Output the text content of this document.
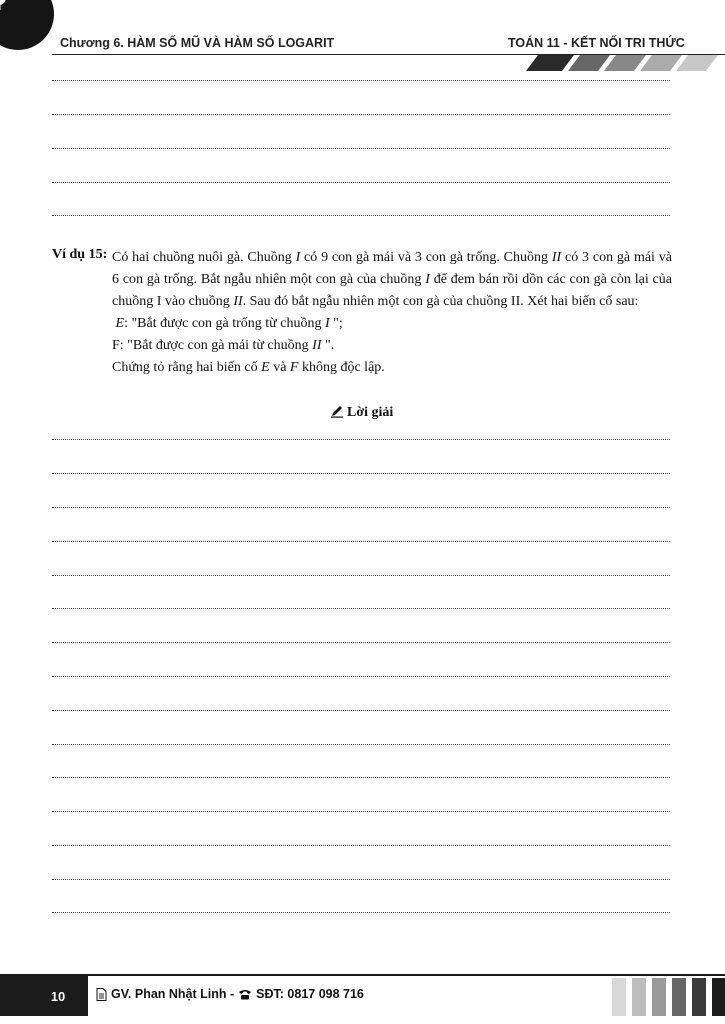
Chương 6. HÀM SỐ MŨ VÀ HÀM SỐ LOGARIT	TOÁN 11 - KẾT NỐI TRI THỨC
Ví dụ 15: Có hai chuồng nuôi gà. Chuồng I có 9 con gà mái và 3 con gà trống. Chuồng II có 3 con gà mái và 6 con gà trống. Bắt ngẫu nhiên một con gà của chuồng I để đem bán rồi dồn các con gà còn lại của chuồng I vào chuồng II. Sau đó bắt ngẫu nhiên một con gà của chuồng II. Xét hai biến cố sau:

E: "Bắt được con gà trống từ chuồng I ";

F: "Bắt được con gà mái từ chuồng II ".

Chứng tỏ rằng hai biến cố E và F không độc lập.

Lời giải
10	GV. Phan Nhật Linh - SĐT: 0817 098 716
